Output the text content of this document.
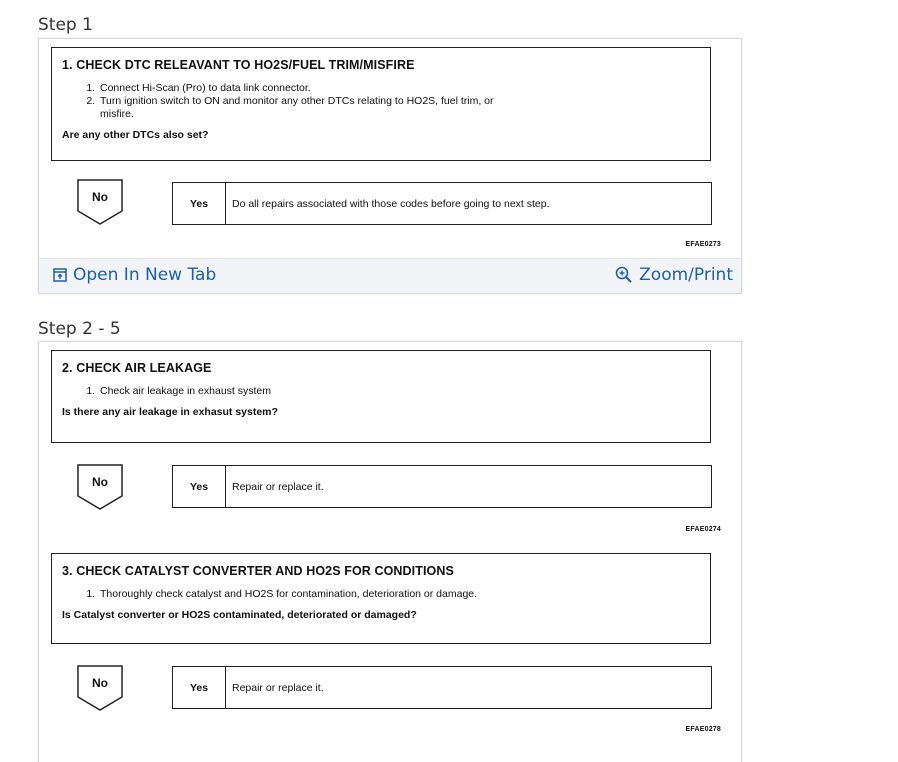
Step 1

1. CHECK DTC RELEAVANT TO HO2S/FUEL TRIM/MISFIRE

1. Connect Hi-Scan (Pro) to data link connector.
2. Turn ignition switch to ON and monitor any other DTCs relating to HO2S, fuel trim, or misfire.

Are any other DTCs also set?

No	Yes	Do all repairs associated with those codes before going to next step.
EFAE0273
Open In New Tab	Zoom/Print
Step 2 - 5

2. CHECK AIR LEAKAGE

1. Check air leakage in exhaust system

Is there any air leakage in exhasut system?

No	Yes	Repair or replace it.
EFAE0274

3. CHECK CATALYST CONVERTER AND HO2S FOR CONDITIONS

1. Thoroughly check catalyst and HO2S for contamination, deterioration or damage.

Is Catalyst converter or HO2S contaminated, deteriorated or damaged?

No	Yes	Repair or replace it.
EFAE0278
